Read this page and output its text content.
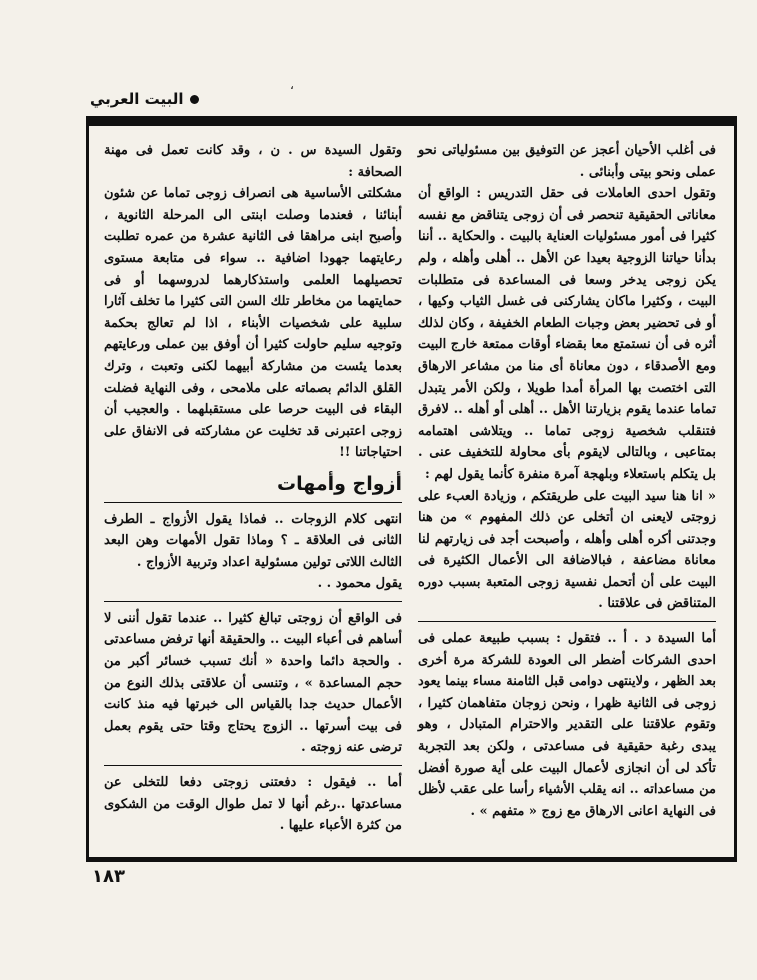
،
البيت العربي

فى أغلب الأحيان أعجز عن التوفيق بين مسئولياتى نحو عملى ونحو بيتى وأبنائى .

وتقول احدى العاملات فى حقل التدريس : الواقع أن معاناتى الحقيقية تنحصر فى أن زوجى يتناقض مع نفسه كثيرا فى أمور مسئوليات العناية بالبيت . والحكاية .. أننا بدأنا حياتنا الزوجية بعيدا عن الأهل .. أهلى وأهله ، ولم يكن زوجى يدخر وسعا فى المساعدة فى متطلبات البيت ، وكثيرا ماكان يشاركنى فى غسل الثياب وكيها ، أو فى تحضير بعض وجبات الطعام الخفيفة ، وكان لذلك أثره فى أن نستمتع معا بقضاء أوقات ممتعة خارج البيت ومع الأصدقاء ، دون معاناة أى منا من مشاعر الارهاق التى اختصت بها المرأة أمدا طويلا ، ولكن الأمر يتبدل تماما عندما يقوم بزيارتنا الأهل .. أهلى أو أهله .. لافرق فتنقلب شخصية زوجى تماما .. ويتلاشى اهتمامه بمتاعبى ، وبالتالى لايقوم بأى محاولة للتخفيف عنى . بل يتكلم باستعلاء وبلهجة آمرة منفرة كأنما يقول لهم :

« انا هنا سيد البيت على طريقتكم ، وزيادة العبء على زوجتى لايعنى ان أتخلى عن ذلك المفهوم » من هنا وجدتنى أكره أهلى وأهله ، وأصبحت أجد فى زيارتهم لنا معاناة مضاعفة ، فبالاضافة الى الأعمال الكثيرة فى البيت على أن أتحمل نفسية زوجى المتعبة بسبب دوره المتناقض فى علاقتنا .

أما السيدة د . أ .. فتقول : بسبب طبيعة عملى فى احدى الشركات أضطر الى العودة للشركة مرة أخرى بعد الظهر ، ولاينتهى دوامى قبل الثامنة مساء بينما يعود زوجى فى الثانية ظهرا ، ونحن زوجان متفاهمان كثيرا ، وتقوم علاقتنا على التقدير والاحترام المتبادل ، وهو يبدى رغبة حقيقية فى مساعدتى ، ولكن بعد التجربة تأكد لى أن انجازى لأعمال البيت على أية صورة أفضل من مساعداته .. انه يقلب الأشياء رأسا على عقب لأظل فى النهاية اعانى الارهاق مع زوج « متفهم » .

وتقول السيدة س . ن ، وقد كانت تعمل فى مهنة الصحافة :

مشكلتى الأساسية هى انصراف زوجى تماما عن شئون أبنائنا ، فعندما وصلت ابنتى الى المرحلة الثانوية ، وأصبح ابنى مراهقا فى الثانية عشرة من عمره تطلبت رعايتهما جهودا اضافية .. سواء فى متابعة مستوى تحصيلهما العلمى واستذكارهما لدروسهما أو فى حمايتهما من مخاطر تلك السن التى كثيرا ما تخلف آثارا سلبية على شخصيات الأبناء ، اذا لم تعالج بحكمة وتوجيه سليم حاولت كثيرا أن أوفق بين عملى ورعايتهم بعدما يئست من مشاركة أبيهما لكنى وتعبت ، وترك القلق الدائم بصماته على ملامحى ، وفى النهاية فضلت البقاء فى البيت حرصا على مستقبلهما . والعجيب أن زوجى اعتبرنى قد تخليت عن مشاركته فى الانفاق على احتياجاتنا !!

أزواج وأمهات

انتهى كلام الزوجات .. فماذا يقول الأزواج ـ الطرف الثانى فى العلاقة ـ ؟ وماذا تقول الأمهات وهن البعد الثالث اللاتى تولين مسئولية اعداد وتربية الأزواج .

يقول محمود . .

فى الواقع أن زوجتى تبالغ كثيرا .. عندما تقول أننى لا أساهم فى أعباء البيت .. والحقيقة أنها ترفض مساعدتى . والحجة دائما واحدة « أنك تسبب خسائر أكبر من حجم المساعدة » ، وتنسى أن علاقتى بذلك النوع من الأعمال حديث جدا بالقياس الى خبرتها فيه منذ كانت فى بيت أسرتها .. الزوج يحتاج وقتا حتى يقوم بعمل ترضى عنه زوجته .

أما .. فيقول : دفعتنى زوجتى دفعا للتخلى عن مساعدتها ..رغم أنها لا تمل طوال الوقت من الشكوى من كثرة الأعباء عليها .

١٨٣
